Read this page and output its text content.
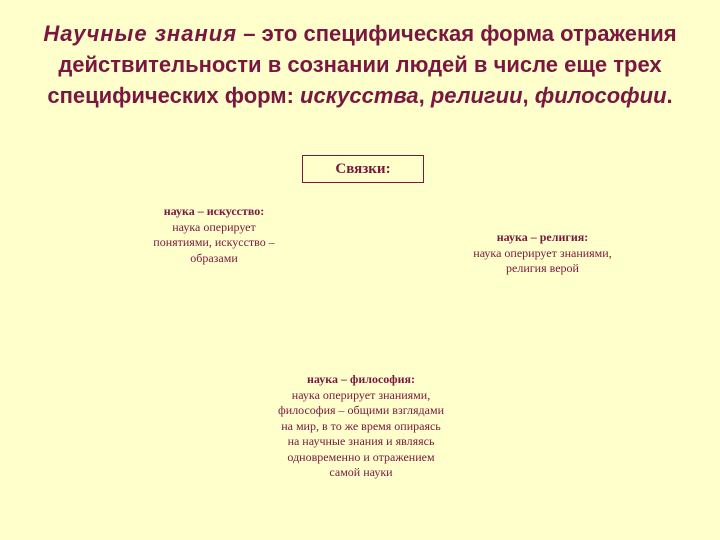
Научные знания – это специфическая форма отражения действительности в сознании людей в числе еще трех специфических форм: искусства, религии, философии.
Связки:
наука – искусство:
наука оперирует понятиями, искусство – образами
наука – религия:
наука оперирует знаниями, религия верой
наука – философия:
наука оперирует знаниями, философия – общими взглядами на мир, в то же время опираясь на научные знания и являясь одновременно и отражением самой науки
